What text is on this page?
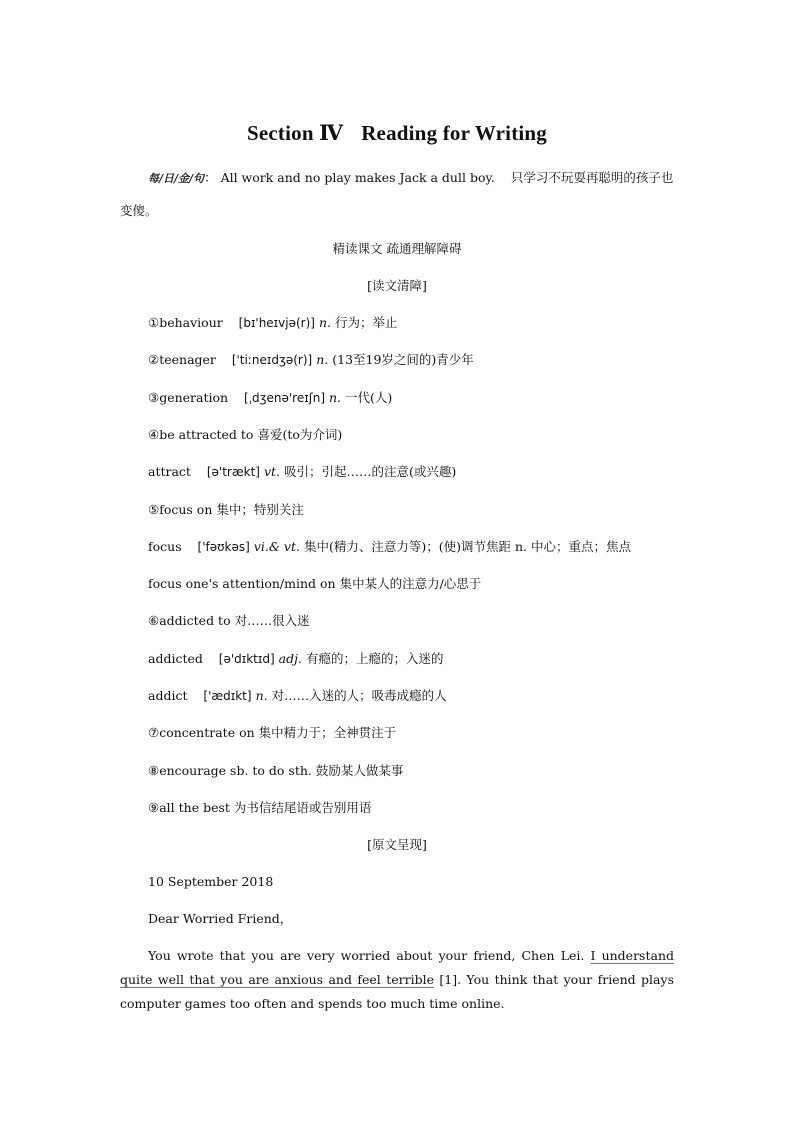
Section Ⅳ Reading for Writing
每/日/金/句： All work and no play makes Jack a dull boy. 只学习不玩耍再聪明的孩子也
变傻。
精读课文 疏通理解障碍
[读文清障]
①behaviour [bɪ'heɪvjə(r)] n. 行为；举止
②teenager ['tiːneɪdʒə(r)] n. (13至19岁之间的)青少年
③generation [ˌdʒenə'reɪʃn] n. 一代(人)
④be attracted to 喜爱(to为介词)
attract [ə'trækt] vt. 吸引；引起……的注意(或兴趣)
⑤focus on 集中；特别关注
focus ['fəʊkəs] vi.& vt. 集中(精力、注意力等)；(使)调节焦距 n. 中心；重点；焦点
focus one's attention/mind on 集中某人的注意力/心思于
⑥addicted to 对……很入迷
addicted [ə'dɪktɪd] adj. 有瘾的；上瘾的；入迷的
addict ['ædɪkt] n. 对……入迷的人；吸毒成瘾的人
⑦concentrate on 集中精力于；全神贯注于
⑧encourage sb. to do sth. 鼓励某人做某事
⑨all the best 为书信结尾语或告别用语
[原文呈现]
10 September 2018
Dear Worried Friend，
You wrote that you are very worried about your friend, Chen Lei. I understand quite well that you are anxious and feel terrible [1]. You think that your friend plays computer games too often and spends too much time online.
